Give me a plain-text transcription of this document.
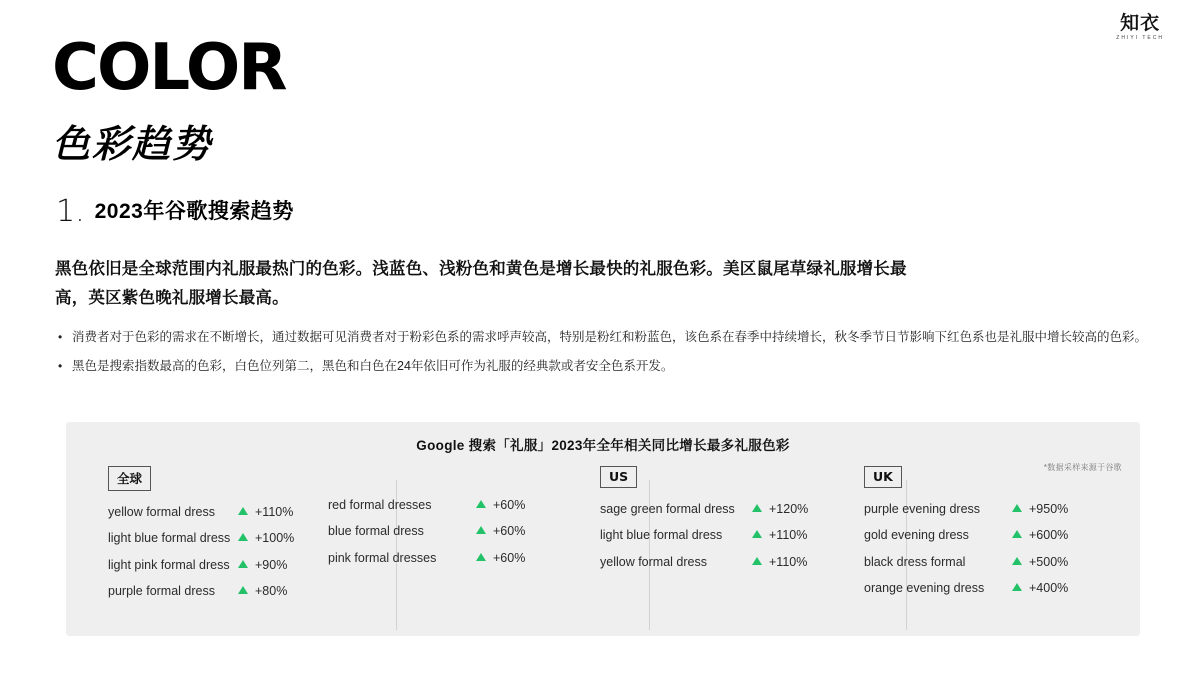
知衣
ZHIYI TECH
COLOR
色彩趋势
1. 2023年谷歌搜索趋势
黑色依旧是全球范围内礼服最热门的色彩。浅蓝色、浅粉色和黄色是增长最快的礼服色彩。美区鼠尾草绿礼服增长最高，英区紫色晚礼服增长最高。
• 消费者对于色彩的需求在不断增长，通过数据可见消费者对于粉彩色系的需求呼声较高，特别是粉红和粉蓝色，该色系在春季中持续增长，秋冬季节日节影响下红色系也是礼服中增长较高的色彩。
• 黑色是搜索指数最高的色彩，白色位列第二，黑色和白色在24年依旧可作为礼服的经典款或者安全色系开发。
Google 搜索「礼服」2023年全年相关同比增长最多礼服色彩
*数据采样来源于谷歌
全球
yellow formal dress	+110%
light blue formal dress	+100%
light pink formal dress	+90%
purple formal dress	+80%
red formal dresses	+60%
blue formal dress	+60%
pink formal dresses	+60%
US
sage green formal dress	+120%
light blue formal dress	+110%
yellow formal dress	+110%
UK
purple evening dress	+950%
gold evening dress	+600%
black dress formal	+500%
orange evening dress	+400%
